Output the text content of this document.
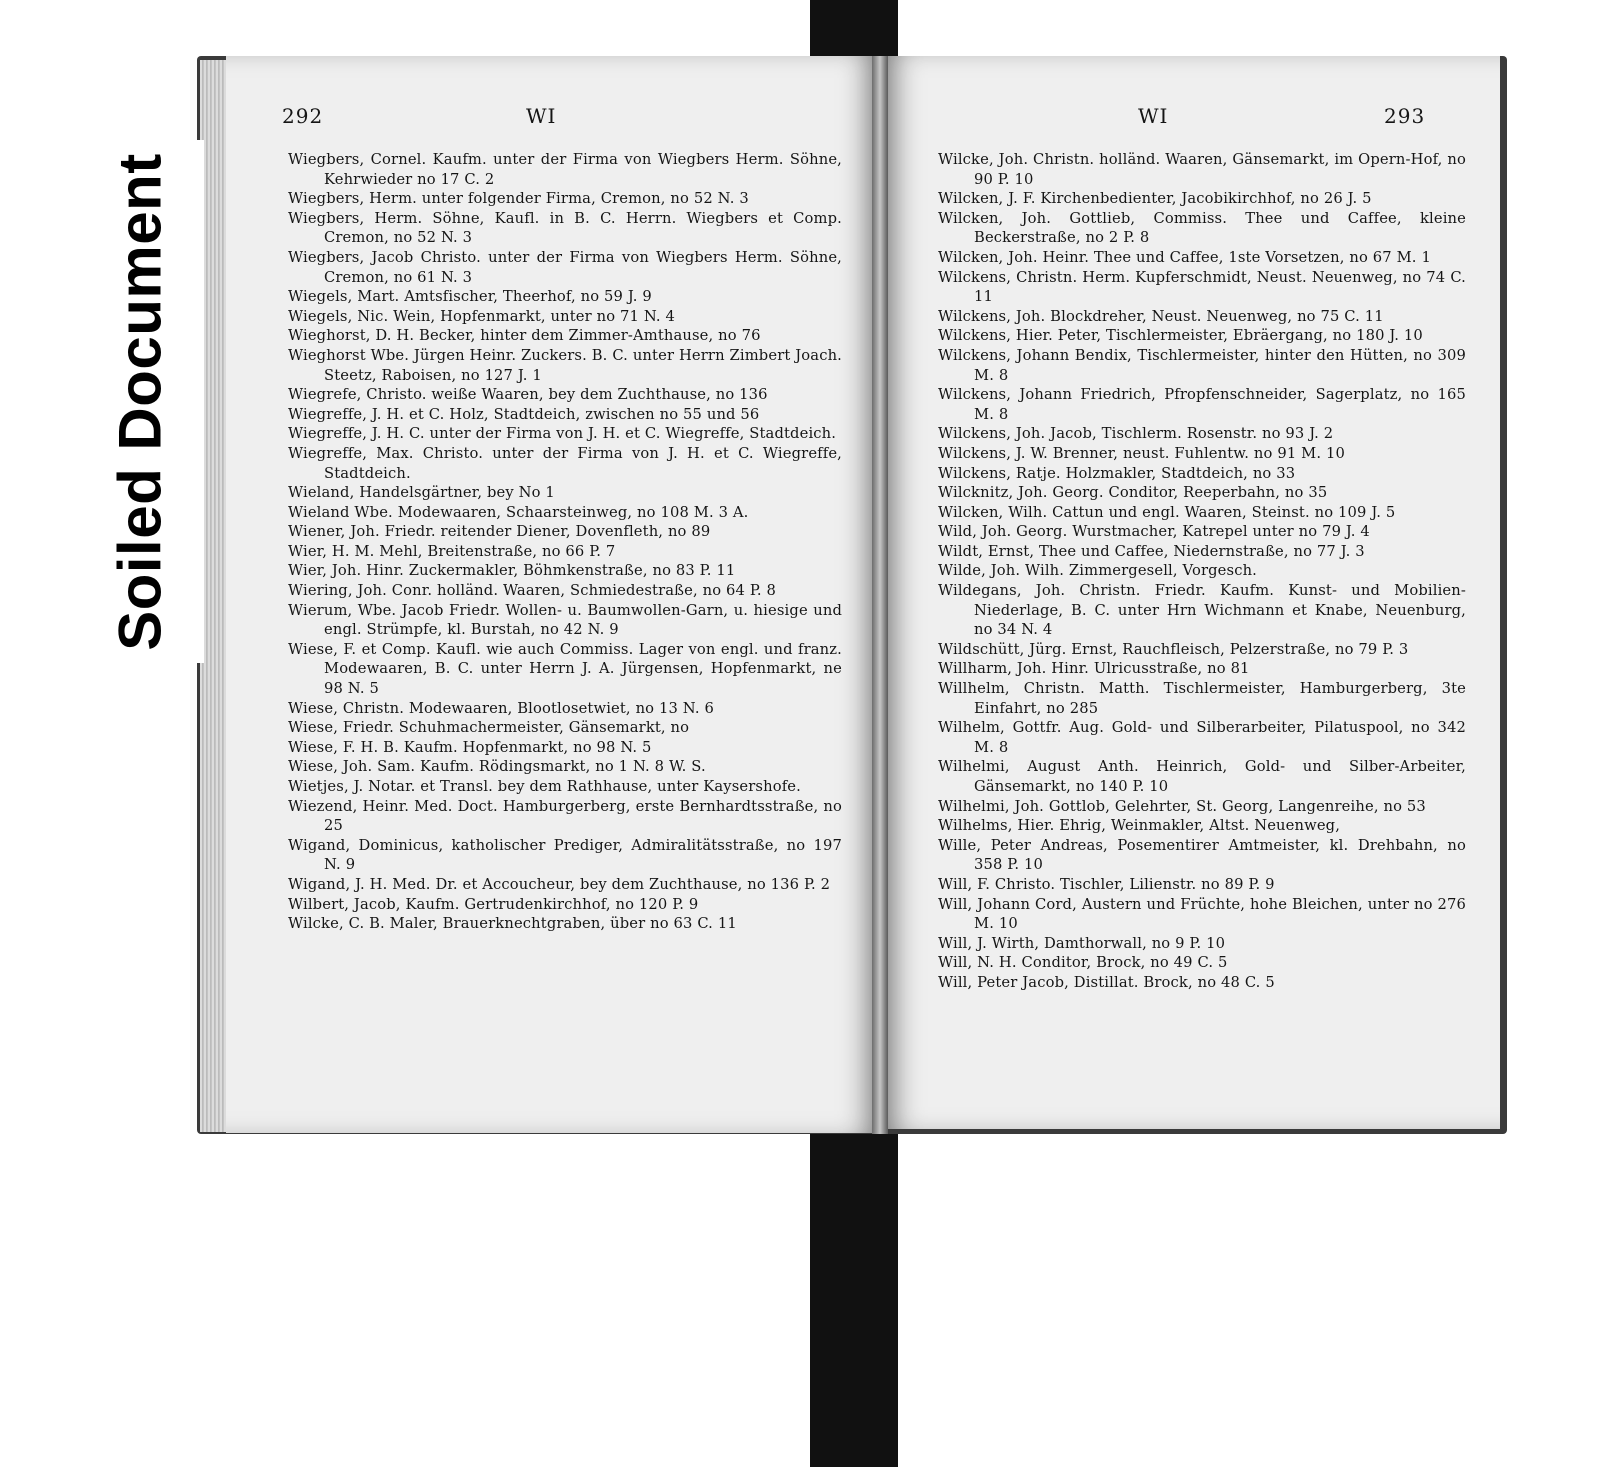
292	WI
Wiegbers, Cornel. Kaufm. unter der Firma von Wiegbers Herm. Söhne, Kehrwieder no 17 C. 2
Wiegbers, Herm. unter folgender Firma, Cremon, no 52 N. 3
Wiegbers, Herm. Söhne, Kaufl. in B. C. Herrn. Wiegbers et Comp. Cremon, no 52 N. 3
Wiegbers, Jacob Christo. unter der Firma von Wiegbers Herm. Söhne, Cremon, no 61 N. 3
Wiegels, Mart. Amtsfischer, Theerhof, no 59 J. 9
Wiegels, Nic. Wein, Hopfenmarkt, unter no 71 N. 4
Wieghorst, D. H. Becker, hinter dem Zimmer-Amthause, no 76
Wieghorst Wbe. Jürgen Heinr. Zuckers. B. C. unter Herrn Zimbert Joach. Steetz, Raboisen, no 127 J. 1
Wiegrefe, Christo. weiße Waaren, bey dem Zuchthause, no 136
Wiegreffe, J. H. et C. Holz, Stadtdeich, zwischen no 55 und 56
Wiegreffe, J. H. C. unter der Firma von J. H. et C. Wiegreffe, Stadtdeich.
Wiegreffe, Max. Christo. unter der Firma von J. H. et C. Wiegreffe, Stadtdeich.
Wieland, Handelsgärtner, bey No 1
Wieland Wbe. Modewaaren, Schaarsteinweg, no 108 M. 3 A.
Wiener, Joh. Friedr. reitender Diener, Dovenfleth, no 89
Wier, H. M. Mehl, Breitenstraße, no 66 P. 7
Wier, Joh. Hinr. Zuckermakler, Böhmkenstraße, no 83 P. 11
Wiering, Joh. Conr. holländ. Waaren, Schmiedestraße, no 64 P. 8
Wierum, Wbe. Jacob Friedr. Wollen- u. Baumwollen-Garn, u. hiesige und engl. Strümpfe, kl. Burstah, no 42 N. 9
Wiese, F. et Comp. Kaufl. wie auch Commiss. Lager von engl. und franz. Modewaaren, B. C. unter Herrn J. A. Jürgensen, Hopfenmarkt, ne 98 N. 5
Wiese, Christn. Modewaaren, Blootlosetwiet, no 13 N. 6
Wiese, Friedr. Schuhmachermeister, Gänsemarkt, no
Wiese, F. H. B. Kaufm. Hopfenmarkt, no 98 N. 5
Wiese, Joh. Sam. Kaufm. Rödingsmarkt, no 1 N. 8 W. S.
Wietjes, J. Notar. et Transl. bey dem Rathhause, unter Kaysershofe.
Wiezend, Heinr. Med. Doct. Hamburgerberg, erste Bernhardtsstraße, no 25
Wigand, Dominicus, katholischer Prediger, Admiralitätsstraße, no 197 N. 9
Wigand, J. H. Med. Dr. et Accoucheur, bey dem Zuchthause, no 136 P. 2
Wilbert, Jacob, Kaufm. Gertrudenkirchhof, no 120 P. 9
Wilcke, C. B. Maler, Brauerknechtgraben, über no 63 C. 11
WI	293
Wilcke, Joh. Christn. holländ. Waaren, Gänsemarkt, im Opern-Hof, no 90 P. 10
Wilcken, J. F. Kirchenbedienter, Jacobikirchhof, no 26 J. 5
Wilcken, Joh. Gottlieb, Commiss. Thee und Caffee, kleine Beckerstraße, no 2 P. 8
Wilcken, Joh. Heinr. Thee und Caffee, 1ste Vorsetzen, no 67 M. 1
Wilckens, Christn. Herm. Kupferschmidt, Neust. Neuenweg, no 74 C. 11
Wilckens, Joh. Blockdreher, Neust. Neuenweg, no 75 C. 11
Wilckens, Hier. Peter, Tischlermeister, Ebräergang, no 180 J. 10
Wilckens, Johann Bendix, Tischlermeister, hinter den Hütten, no 309 M. 8
Wilckens, Johann Friedrich, Pfropfenschneider, Sagerplatz, no 165 M. 8
Wilckens, Joh. Jacob, Tischlerm. Rosenstr. no 93 J. 2
Wilckens, J. W. Brenner, neust. Fuhlentw. no 91 M. 10
Wilckens, Ratje. Holzmakler, Stadtdeich, no 33
Wilcknitz, Joh. Georg. Conditor, Reeperbahn, no 35
Wilcken, Wilh. Cattun und engl. Waaren, Steinst. no 109 J. 5
Wild, Joh. Georg. Wurstmacher, Katrepel unter no 79 J. 4
Wildt, Ernst, Thee und Caffee, Niedernstraße, no 77 J. 3
Wilde, Joh. Wilh. Zimmergesell, Vorgesch.
Wildegans, Joh. Christn. Friedr. Kaufm. Kunst- und Mobilien-Niederlage, B. C. unter Hrn Wichmann et Knabe, Neuenburg, no 34 N. 4
Wildschütt, Jürg. Ernst, Rauchfleisch, Pelzerstraße, no 79 P. 3
Willharm, Joh. Hinr. Ulricusstraße, no 81
Willhelm, Christn. Matth. Tischlermeister, Hamburgerberg, 3te Einfahrt, no 285
Wilhelm, Gottfr. Aug. Gold- und Silberarbeiter, Pilatuspool, no 342 M. 8
Wilhelmi, August Anth. Heinrich, Gold- und Silber-Arbeiter, Gänsemarkt, no 140 P. 10
Wilhelmi, Joh. Gottlob, Gelehrter, St. Georg, Langenreihe, no 53
Wilhelms, Hier. Ehrig, Weinmakler, Altst. Neuenweg,
Wille, Peter Andreas, Posementirer Amtmeister, kl. Drehbahn, no 358 P. 10
Will, F. Christo. Tischler, Lilienstr. no 89 P. 9
Will, Johann Cord, Austern und Früchte, hohe Bleichen, unter no 276 M. 10
Will, J. Wirth, Damthorwall, no 9 P. 10
Will, N. H. Conditor, Brock, no 49 C. 5
Will, Peter Jacob, Distillat. Brock, no 48 C. 5
Soiled Document
